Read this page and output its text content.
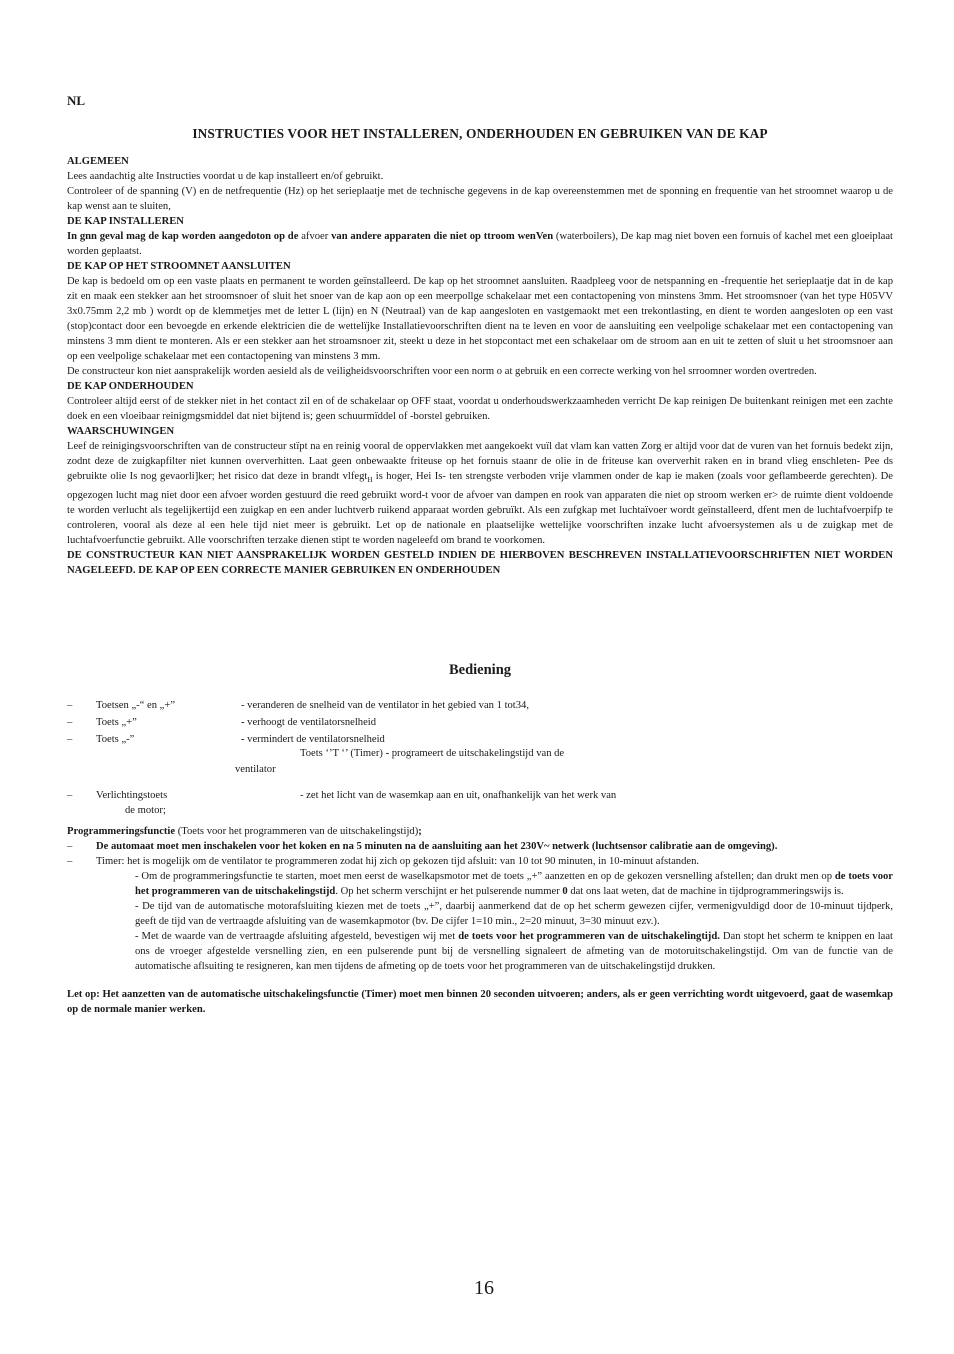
NL
INSTRUCTIES VOOR HET INSTALLEREN, ONDERHOUDEN EN GEBRUIKEN VAN DE KAP

ALGEMEEN

Lees aandachtig alte Instructies voordat u de kap installeert en/of gebruikt.

Controleer of de spanning (V) en de netfrequentie (Hz) op het serieplaatje met de technische gegevens in de kap overeenstemmen met de sponning en frequentie van het stroomnet waarop u de kap wenst aan te sluiten,

DE KAP INSTALLEREN

In gnn geval mag de kap worden aangedoton op de afvoer van andere apparaten die niet op ttroom wenVen (waterboilers), De kap mag niet boven een fornuis of kachel met een gloeiplaat worden geplaatst.

DE KAP OP HET STROOMNET AANSLUITEN

De kap is bedoeld om op een vaste plaats en permanent te worden geïnstalleerd. De kap op het stroomnet aansluiten. Raadpleeg voor de netspanning en -frequentie het serieplaatje dat in de kap zit en maak een stekker aan het stroomsnoer of sluit het snoer van de kap aon op een meerpollge schakelaar met een contactopening von minstens 3mm. Het stroomsnoer (van het type H05VV 3x0.75mm 2,2 mb ) wordt op de klemmetjes met de letter L (lijn) en N (Neutraal) van de kap aangesloten en vastgemaokt met een trekontlasting, en dient te worden aangesloten op een vast (stop)contact door een bevoegde en erkende elektricien die de wettelïjke Installatievoorschriften dient na te leven en voor de aansluiting een veelpolige schakelaar met een contactopening van minstens 3 mm dient te monteren. Als er een stekker aan het stroamsnoer zit, steekt u deze in het stopcontact met een schakelaar om de stroom aan en uit te zetten of sluit u het stroomsnoer aan op een veelpolige schakelaar met een contactopening van minstens 3 mm.

De constructeur kon niet aansprakelijk worden aesield als de veiligheidsvoorschriften voor een norm o at gebruik en een correcte werking von hel srroomner worden overtreden.

DE KAP ONDERHOUDEN

Controleer altijd eerst of de stekker niet in het contact zil en of de schakelaar op OFF staat, voordat u onderhoudswerkzaamheden verricht De kap reinigen De buitenkant reinigen met een zachte doek en een vloeibaar reinigmgsmiddel dat niet bijtend is; geen schuurmïddel of -borstel gebruiken.

WAARSCHUWINGEN

Leef de reinigingsvoorschriften van de constructeur stïpt na en reinig vooral de oppervlakken met aangekoekt vuïl dat vlam kan vatten Zorg er altijd voor dat de vuren van het fornuis bedekt zijn, zodnt deze de zuigkapfilter niet kunnen oververhitten. Laat geen onbewaakte friteuse op het fornuis staanr de olie in de friteuse kan oververhit raken en in brand vlieg enschleten- Pee ds gebruikte olie Is nog gevaorli]ker; het risico dat deze in brandt vlfegt$_H$ is hoger, Hei Is- ten strengste verboden vrije vlammen onder de kap ie maken (zoals voor geflambeerde gerechten). De opgezogen lucht mag niet door een afvoer worden gestuurd die reed gebruikt word-t voor de afvoer van dampen en rook van apparaten die niet op stroom werken er> de ruimte dient voldoende te worden verlucht als tegelijkertijd een zuigkap en een ander luchtverb ruikend apparaat worden gebruïkt. Als een zufgkap met luchtaïvoer wordt geïnstalleerd, dfent men de luchtafvoerpifp te controleren, vooral als deze al een hele tijd niet meer is gebruikt. Let op de nationale en plaatselijke wettelijke voorschriften inzake lucht afvoersystemen als u de zuigkap met de luchtafvoerfunctie gebruikt. Alle voorschriften terzake dienen stipt te worden nageleefd om brand te voorkomen.

DE CONSTRUCTEUR KAN NIET AANSPRAKELIJK WORDEN GESTELD INDIEN DE HIERBOVEN BESCHREVEN INSTALLATIEVOORSCHRIFTEN NIET WORDEN NAGELEEFD. DE KAP OP EEN CORRECTE MANIER GEBRUIKEN EN ONDERHOUDEN

Bediening
– Toetsen „-“ en „+”	- veranderen de snelheid van de ventilator in het gebied van 1 tot34,
– Toets „+”	- verhoogt de ventilatorsnelheid
– Toets „-”	- vermindert de ventilatorsnelheid
Toets ‘’T ‘’ (Timer) - programeert de uitschakelingstijd van de
ventilator
– Verlichtingstoets	- zet het licht van de wasemkap aan en uit, onafhankelijk van het werk van
de motor;

Programmeringsfunctie (Toets voor het programmeren van de uitschakelingstijd);

– De automaat moet men inschakelen voor het koken en na 5 minuten na de aansluiting aan het 230V~ netwerk (luchtsensor calibratie aan de omgeving).

– Timer: het is mogelijk om de ventilator te programmeren zodat hij zich op gekozen tijd afsluit: van 10 tot 90 minuten, in 10-minuut afstanden.

- Om de programmeringsfunctie te starten, moet men eerst de waselkapsmotor met de toets „+” aanzetten en op de gekozen versnelling afstellen; dan drukt men op de toets voor het programmeren van de uitschakelingstijd. Op het scherm verschijnt er het pulserende nummer 0 dat ons laat weten, dat de machine in tijdprogrammeringswijs is.

- De tijd van de automatische motorafsluiting kiezen met de toets „+”, daarbij aanmerkend dat de op het scherm gewezen cijfer, vermenigvuldigd door de 10-minuut tijdperk, geeft de tijd van de vertraagde afsluiting van de wasemkapmotor (bv. De cijfer 1=10 min., 2=20 minuut, 3=30 minuut ezv.).

- Met de waarde van de vertraagde afsluiting afgesteld, bevestigen wij met de toets voor het programmeren van de uitschakelingtijd. Dan stopt het scherm te knippen en laat ons de vroeger afgestelde versnelling zien, en een pulserende punt bij de versnelling signaleert de afmeting van de motoruitschakelingstijd. Om van de functie van de automatische aflsuiting te resigneren, kan men tijdens de afmeting op de toets voor het programmeren van de uitschakelingstijd drukken.

Let op: Het aanzetten van de automatische uitschakelingsfunctie (Timer) moet men binnen 20 seconden uitvoeren; anders, als er geen verrichting wordt uitgevoerd, gaat de wasemkap op de normale manier werken.

16
